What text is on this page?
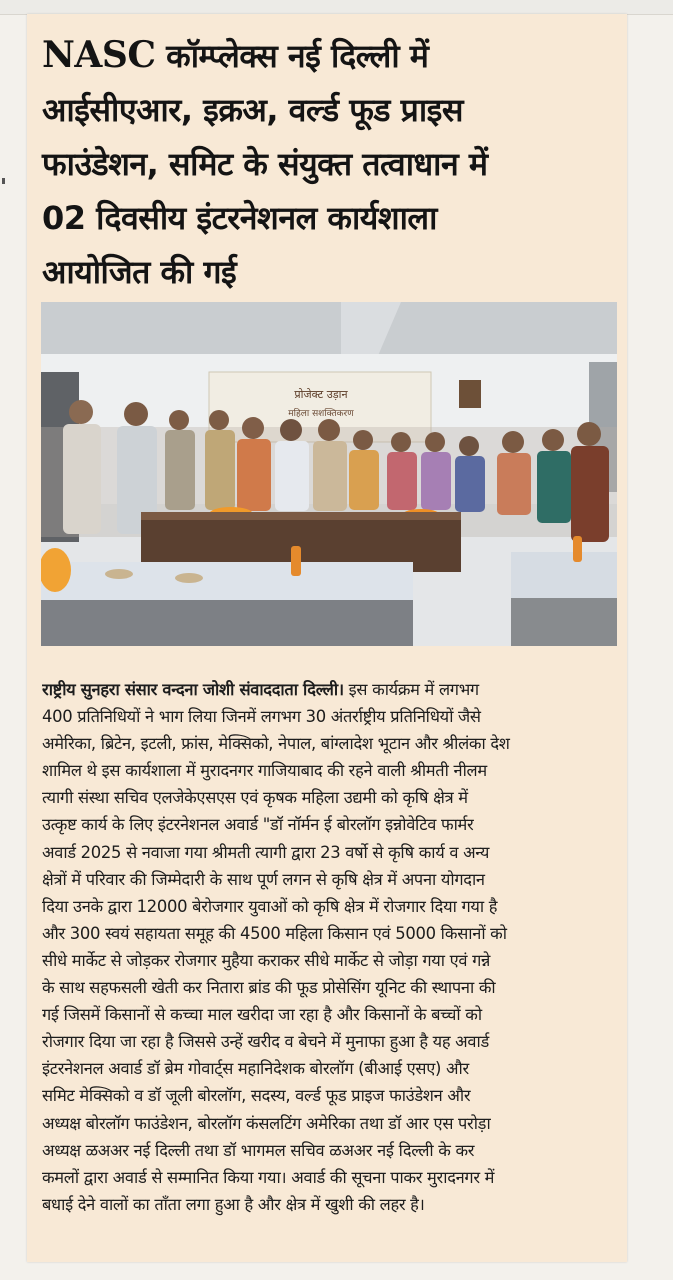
NASC कॉम्प्लेक्स नई दिल्ली में
आईसीएआर, इक्रअ, वर्ल्ड फूड प्राइस
फाउंडेशन, समिट के संयुक्त तत्वाधान में
02 दिवसीय इंटरनेशनल कार्यशाला
आयोजित की गई
प्रोजेक्ट उड़ान
महिला सशक्तिकरण
राष्ट्रीय सुनहरा संसार वन्दना जोशी संवाददाता दिल्ली। इस कार्यक्रम में लगभग
400 प्रतिनिधियों ने भाग लिया जिनमें लगभग 30 अंतर्राष्ट्रीय प्रतिनिधियों जैसे
अमेरिका, ब्रिटेन, इटली, फ्रांस, मेक्सिको, नेपाल, बांग्लादेश भूटान और श्रीलंका देश
शामिल थे इस कार्यशाला में मुरादनगर गाजियाबाद की रहने वाली श्रीमती नीलम
त्यागी संस्था सचिव एलजेकेएसएस एवं कृषक महिला उद्यमी को कृषि क्षेत्र में
उत्कृष्ट कार्य के लिए इंटरनेशनल अवार्ड "डॉ नॉर्मन ई बोरलॉग इन्नोवेटिव फार्मर
अवार्ड 2025 से नवाजा गया श्रीमती त्यागी द्वारा 23 वर्षो से कृषि कार्य व अन्य
क्षेत्रों में परिवार की जिम्मेदारी के साथ पूर्ण लगन से कृषि क्षेत्र में अपना योगदान
दिया उनके द्वारा 12000 बेरोजगार युवाओं को कृषि क्षेत्र में रोजगार दिया गया है
और 300 स्वयं सहायता समूह की 4500 महिला किसान एवं 5000 किसानों को
सीधे मार्केट से जोड़कर रोजगार मुहैया कराकर सीधे मार्केट से जोड़ा गया एवं गन्ने
के साथ सहफसली खेती कर नितारा ब्रांड की फूड प्रोसेसिंग यूनिट की स्थापना की
गई जिसमें किसानों से कच्चा माल खरीदा जा रहा है और किसानों के बच्चों को
रोजगार दिया जा रहा है जिससे उन्हें खरीद व बेचने में मुनाफा हुआ है यह अवार्ड
इंटरनेशनल अवार्ड डॉ ब्रेम गोवार्ट्स महानिदेशक बोरलॉग (बीआई एसए) और
समिट मेक्सिको व डॉ जूली बोरलॉग, सदस्य, वर्ल्ड फूड प्राइज फाउंडेशन और
अध्यक्ष बोरलॉग फाउंडेशन, बोरलॉग कंसलटिंग अमेरिका तथा डॉ आर एस परोड़ा
अध्यक्ष ळअअर नई दिल्ली तथा डॉ भागमल सचिव ळअअर नई दिल्ली के कर
कमलों द्वारा अवार्ड से सम्मानित किया गया। अवार्ड की सूचना पाकर मुरादनगर में
बधाई देने वालों का ताँता लगा हुआ है और क्षेत्र में खुशी की लहर है।
